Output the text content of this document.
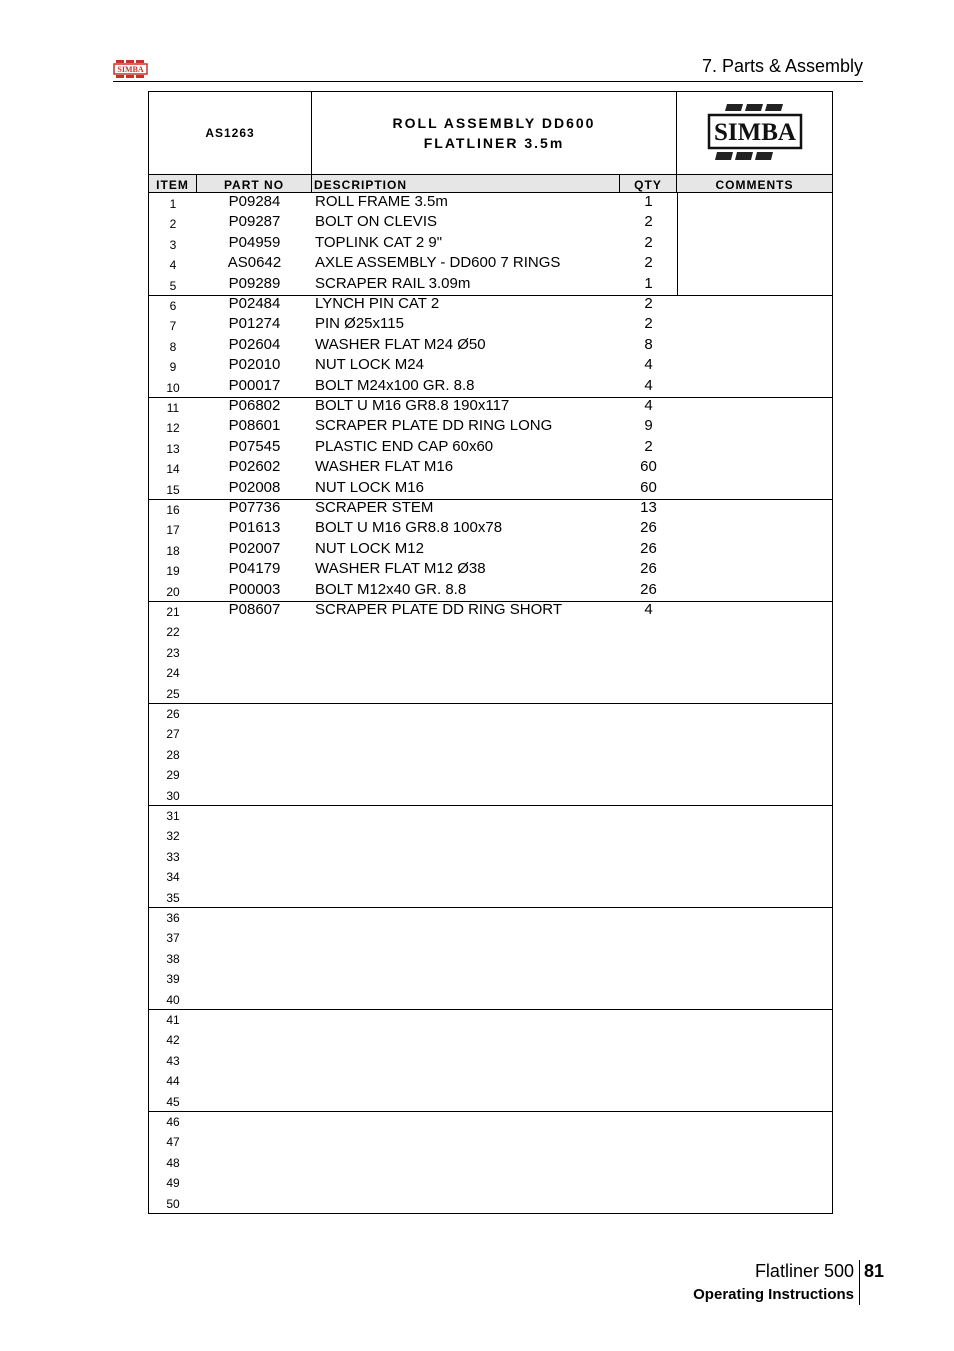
SIMBA	7. Parts & Assembly
AS1263
ROLL ASSEMBLY DD600
FLATLINER 3.5m	SIMBA
ITEM	PART NO	DESCRIPTION	QTY	COMMENTS
1	P09284	ROLL FRAME 3.5m	1
2	P09287	BOLT ON CLEVIS	2
3	P04959	TOPLINK CAT 2 9"	2
4	AS0642	AXLE ASSEMBLY - DD600 7 RINGS	2
5	P09289	SCRAPER RAIL 3.09m	1
6	P02484	LYNCH PIN CAT 2	2
7	P01274	PIN Ø25x115	2
8	P02604	WASHER FLAT M24 Ø50	8
9	P02010	NUT LOCK M24	4
10	P00017	BOLT M24x100 GR. 8.8	4
11	P06802	BOLT U M16 GR8.8 190x117	4
12	P08601	SCRAPER PLATE DD RING LONG	9
13	P07545	PLASTIC END CAP 60x60	2
14	P02602	WASHER FLAT M16	60
15	P02008	NUT LOCK M16	60
16	P07736	SCRAPER STEM	13
17	P01613	BOLT U M16 GR8.8 100x78	26
18	P02007	NUT LOCK M12	26
19	P04179	WASHER FLAT M12 Ø38	26
20	P00003	BOLT M12x40 GR. 8.8	26
21	P08607	SCRAPER PLATE DD RING SHORT	4
22
23
24
25
26
27
28
29
30
31
32
33
34
35
36
37
38
39
40
41
42
43
44
45
46
47
48
49
50
Flatliner 500 81
Operating Instructions
